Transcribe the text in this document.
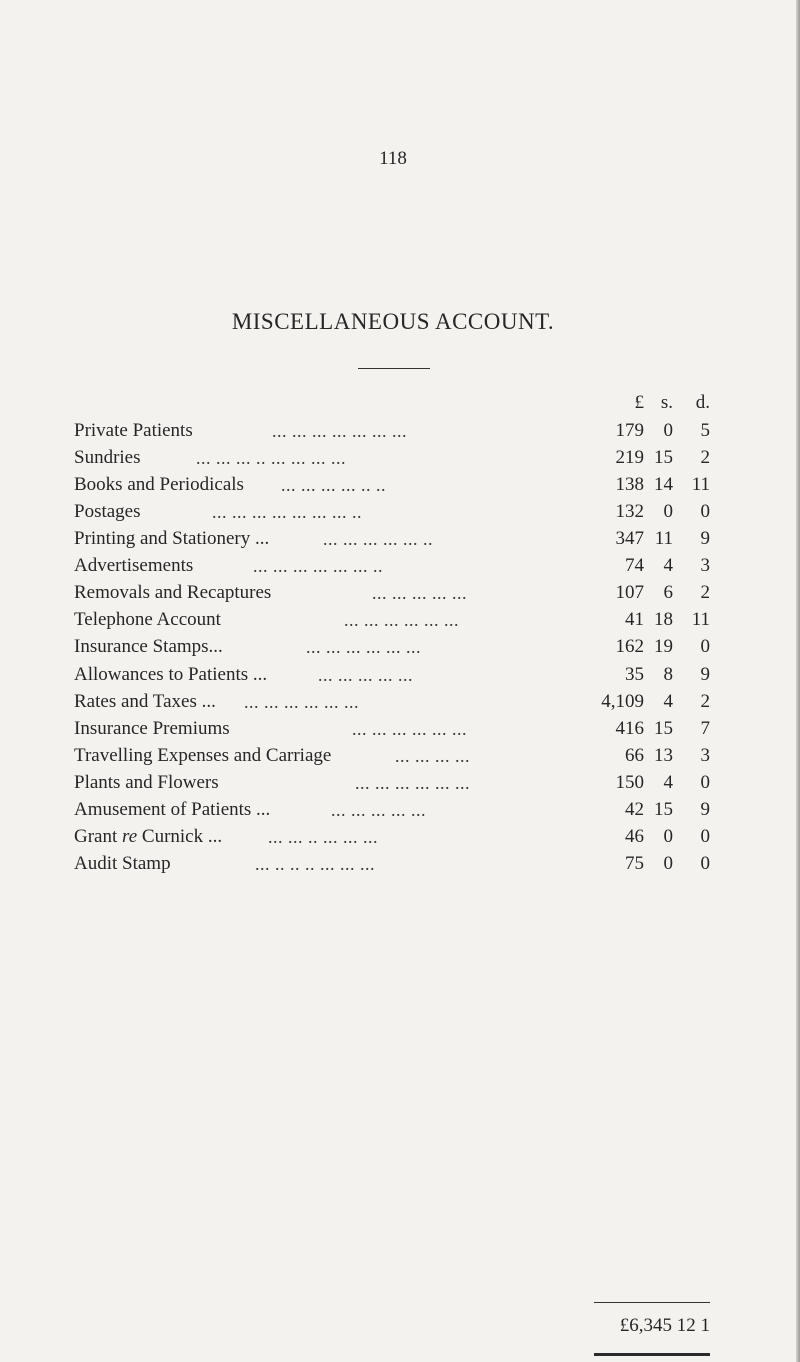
118
MISCELLANEOUS ACCOUNT.
£ s.	d.
Private Patients	... ... ... ... ... ... ...	179	0	5
Sundries	... ... ... .. ... ... ... ...	219 15	2
Books and Periodicals ... ... ... ... .. ..	138 14 11
Postages	... ... ... ... ... ... ... ..	132	0	0
Printing and Stationery ...	... ... ... ... ... ..	347 11	9
Advertisements	... ... ... ... ... ... ..	74	4	3
Removals and Recaptures	... ... ... ... ...	107	6	2
Telephone Account	... ... ... ... ... ...	41 18 11
Insurance Stamps...	... ... ... ... ... ...	162 19	0
Allowances to Patients ...	... ... ... ... ...	35	8	9
Rates and Taxes ... ... ... ... ... ... ...	4,109	4	2
Insurance Premiums	... ... ... ... ... ...	416 15	7
Travelling Expenses and Carriage	... ... ... ...	66 13	3
Plants and Flowers	... ... ... ... ... ...	150	4	0
Amusement of Patients ...	... ... ... ... ...	42 15	9
Grant re Curnick ...	... ... .. ... ... ...	46	0	0
Audit Stamp	... .. .. .. ... ... ...	75	0	0
£6,345 12 1
